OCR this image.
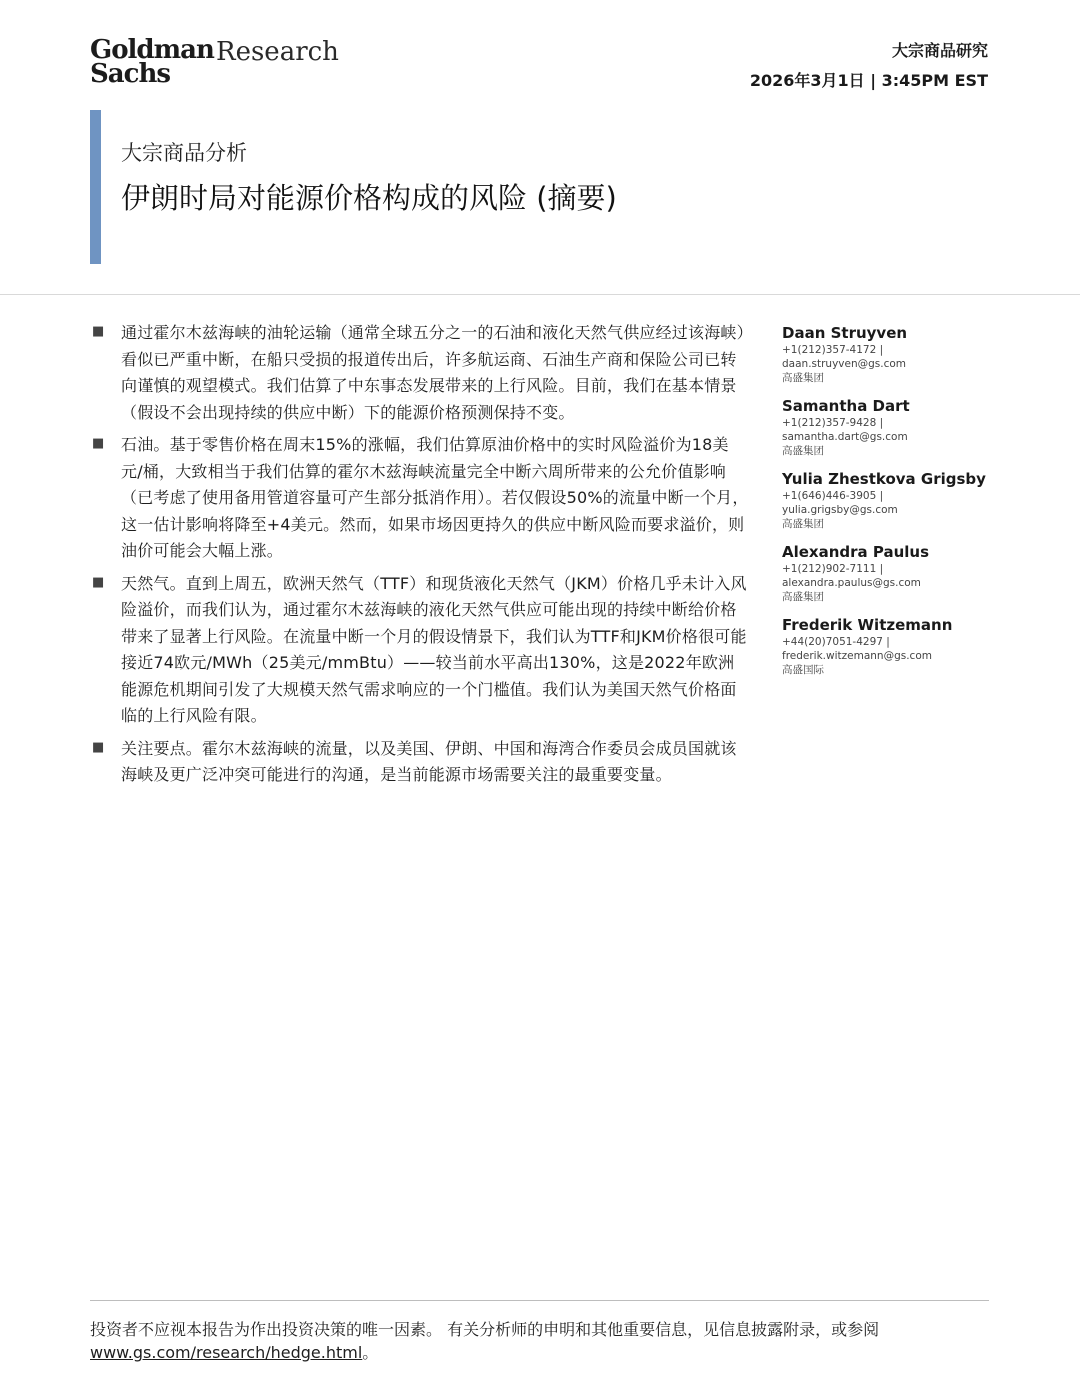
Goldman
Sachs
Research	大宗商品研究
2026年3月1日 | 3:45PM EST
大宗商品分析
伊朗时局对能源价格构成的风险 (摘要)
■ 通过霍尔木兹海峡的油轮运输（通常全球五分之一的石油和液化天然气供应经过该海峡）看似已严重中断，在船只受损的报道传出后，许多航运商、石油生产商和保险公司已转向谨慎的观望模式。我们估算了中东事态发展带来的上行风险。目前，我们在基本情景（假设不会出现持续的供应中断）下的能源价格预测保持不变。
■ 石油。基于零售价格在周末15%的涨幅，我们估算原油价格中的实时风险溢价为18美元/桶，大致相当于我们估算的霍尔木兹海峡流量完全中断六周所带来的公允价值影响（已考虑了使用备用管道容量可产生部分抵消作用）。若仅假设50%的流量中断一个月，这一估计影响将降至+4美元。然而，如果市场因更持久的供应中断风险而要求溢价，则油价可能会大幅上涨。
■ 天然气。直到上周五，欧洲天然气（TTF）和现货液化天然气（JKM）价格几乎未计入风险溢价，而我们认为，通过霍尔木兹海峡的液化天然气供应可能出现的持续中断给价格带来了显著上行风险。在流量中断一个月的假设情景下，我们认为TTF和JKM价格很可能接近74欧元/MWh（25美元/mmBtu）——较当前水平高出130%，这是2022年欧洲能源危机期间引发了大规模天然气需求响应的一个门槛值。我们认为美国天然气价格面临的上行风险有限。
■ 关注要点。霍尔木兹海峡的流量，以及美国、伊朗、中国和海湾合作委员会成员国就该海峡及更广泛冲突可能进行的沟通，是当前能源市场需要关注的最重要变量。
Daan Struyven
+1(212)357-4172 |
daan.struyven@gs.com
高盛集团
Samantha Dart
+1(212)357-9428 |
samantha.dart@gs.com
高盛集团
Yulia Zhestkova Grigsby
+1(646)446-3905 |
yulia.grigsby@gs.com
高盛集团
Alexandra Paulus
+1(212)902-7111 |
alexandra.paulus@gs.com
高盛集团
Frederik Witzemann
+44(20)7051-4297 |
frederik.witzemann@gs.com
高盛国际
投资者不应视本报告为作出投资决策的唯一因素。 有关分析师的申明和其他重要信息，见信息披露附录，或参阅
www.gs.com/research/hedge.html。
